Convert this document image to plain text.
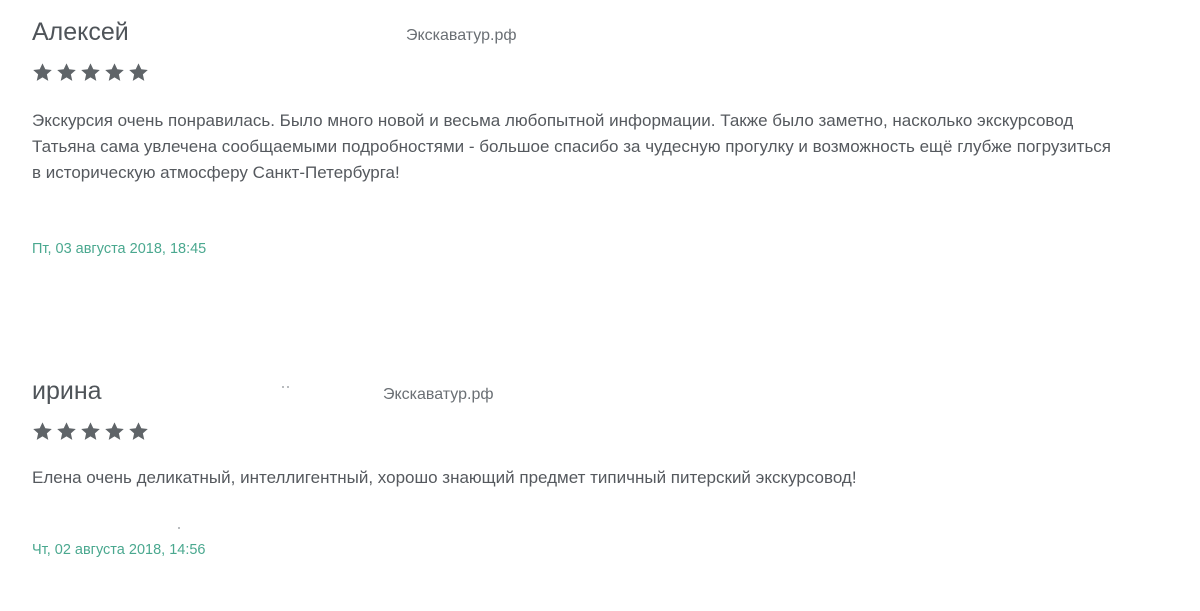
Алексей	Экскаватур.рф
Экскурсия очень понравилась. Было много новой и весьма любопытной информации. Также было заметно, насколько экскурсовод
Татьяна сама увлечена сообщаемыми подробностями - большое спасибо за чудесную прогулку и возможность ещё глубже погрузиться
в историческую атмосферу Санкт-Петербурга!
Пт, 03 августа 2018, 18:45
ирина	Экскаватур.рф
Елена очень деликатный, интеллигентный, хорошо знающий предмет типичный питерский экскурсовод!
Чт, 02 августа 2018, 14:56
